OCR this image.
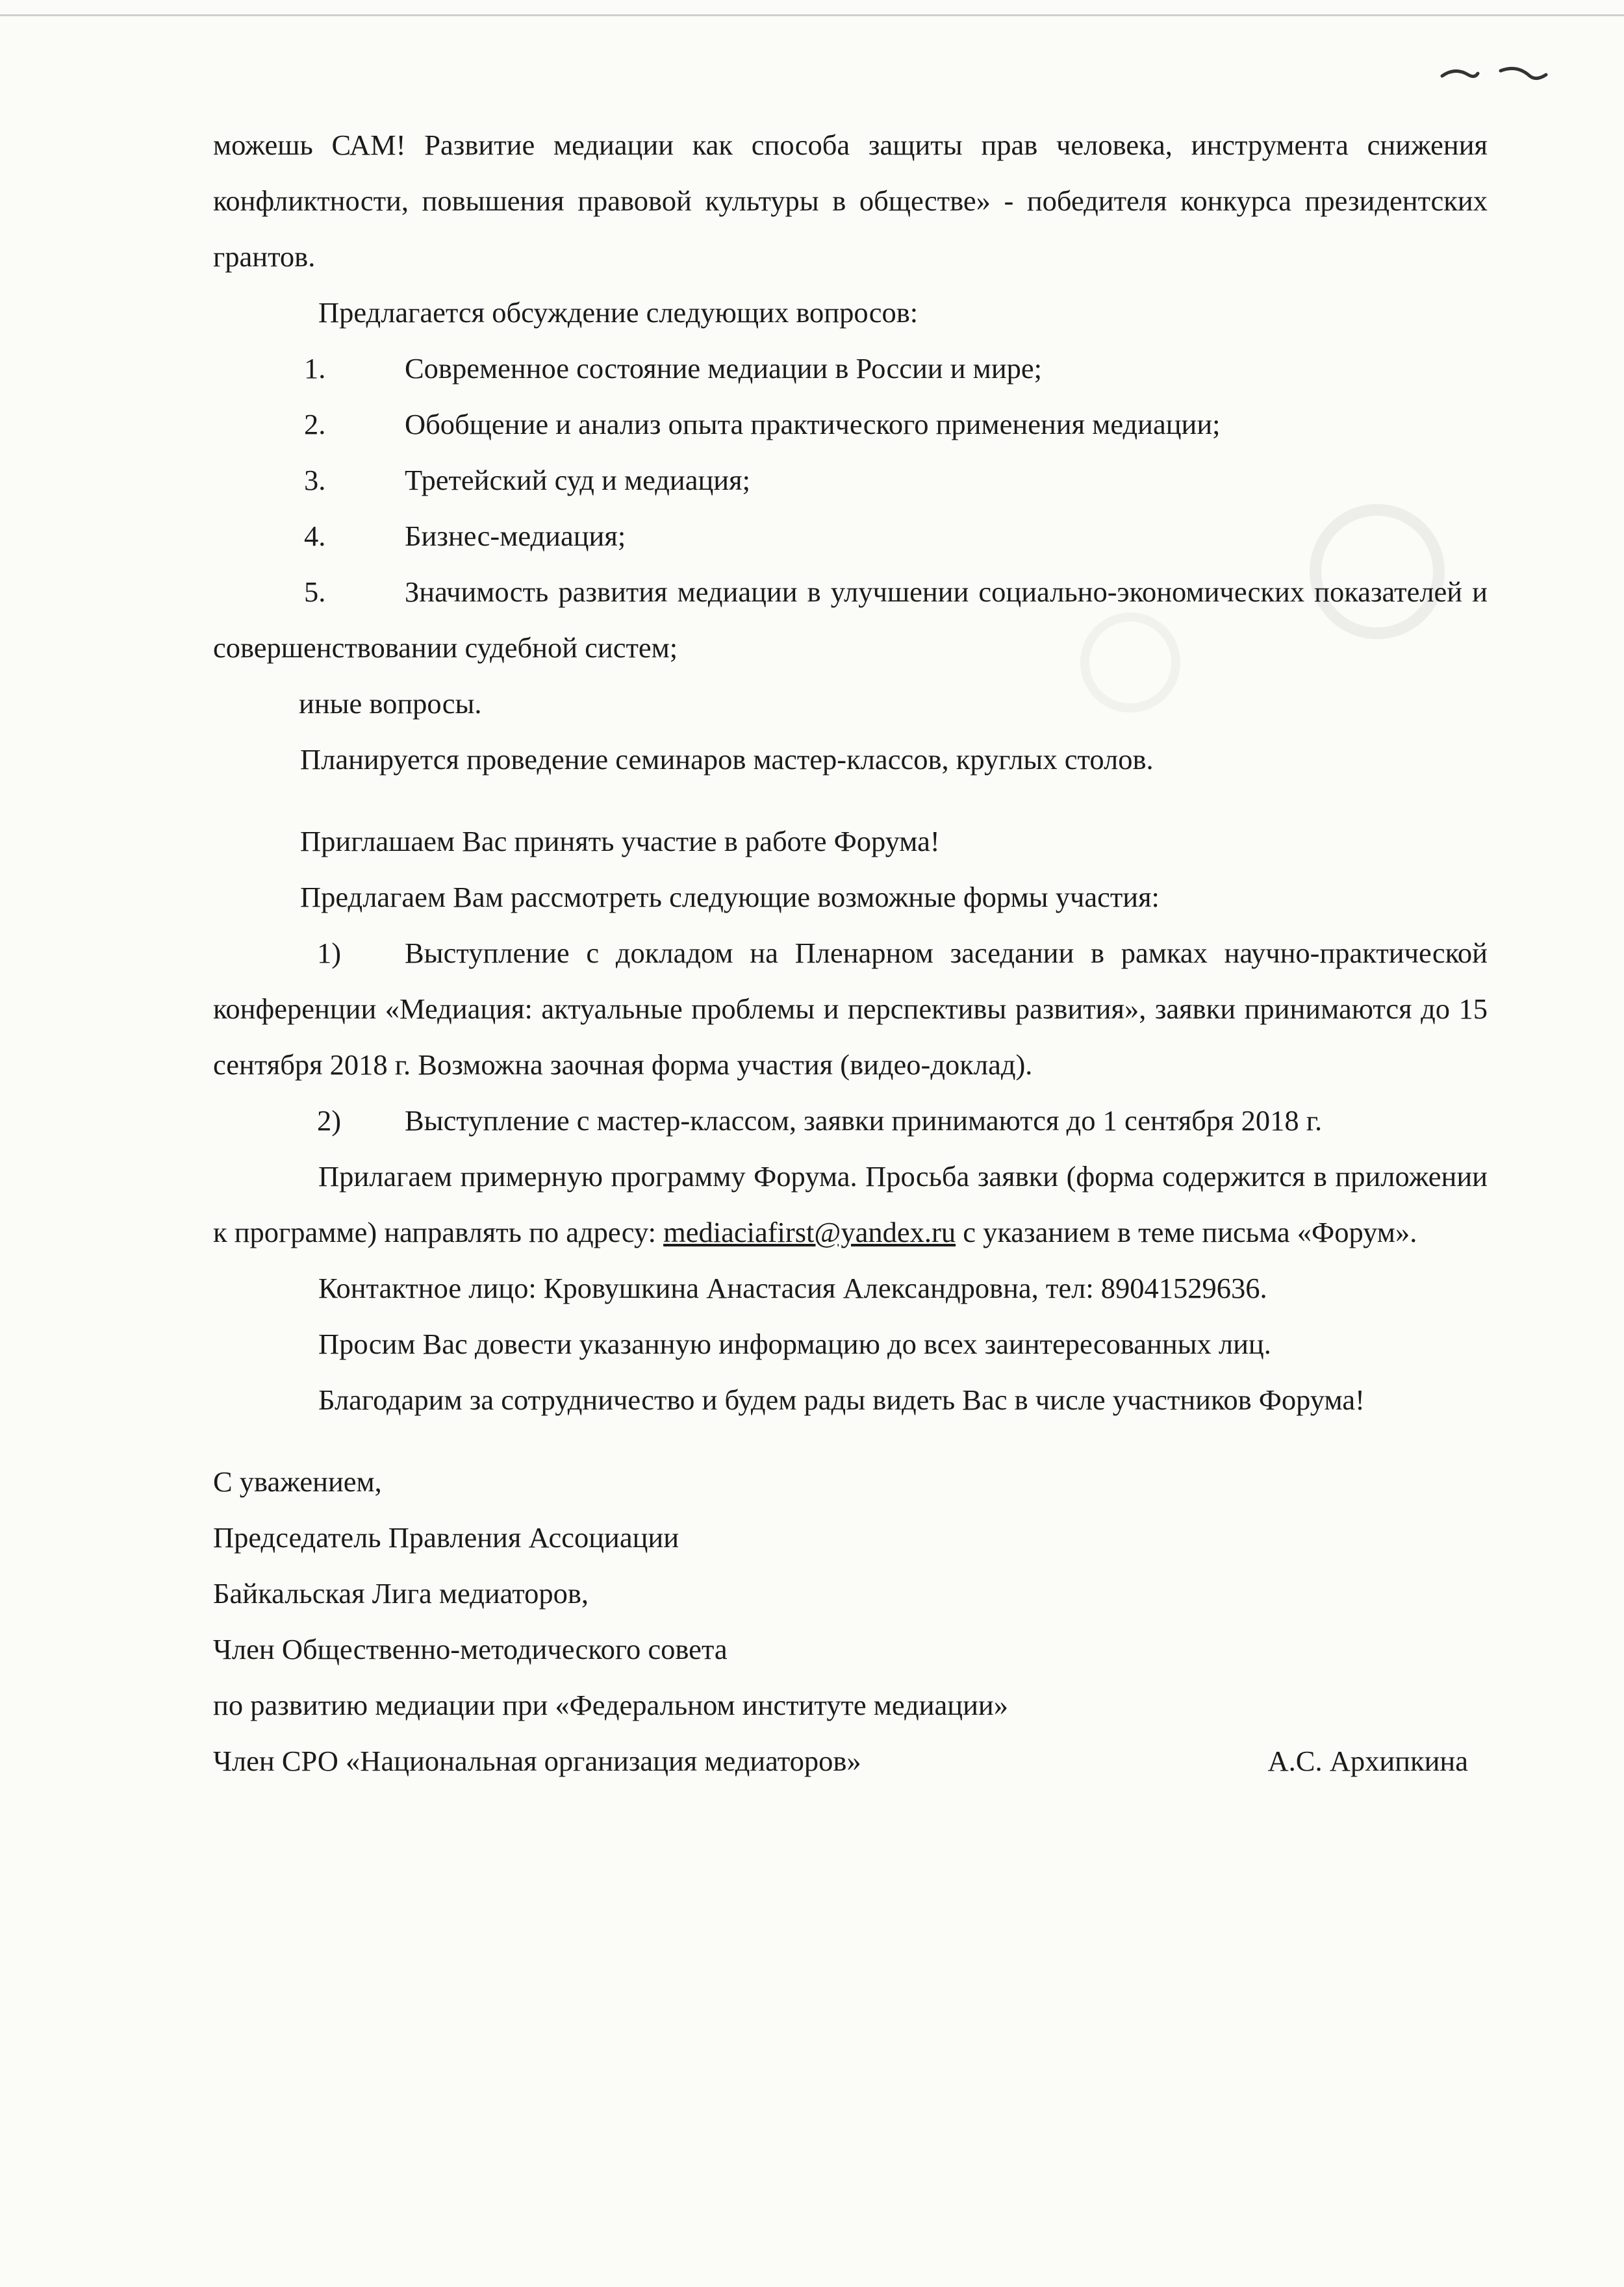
можешь САМ! Развитие медиации как способа защиты прав человека, инструмента снижения конфликтности, повышения правовой культуры в обществе» - победителя конкурса президентских грантов.

Предлагается обсуждение следующих вопросов:

1.	Современное состояние медиации в России и мире;
2.	Обобщение и анализ опыта практического применения медиации;
3.	Третейский суд и медиация;
4.	Бизнес-медиация;

5.	Значимость развития медиации в улучшении социально-экономических показателей и совершенствовании судебной систем;

иные вопросы.

Планируется проведение семинаров мастер-классов, круглых столов.

Приглашаем Вас принять участие в работе Форума!

Предлагаем Вам рассмотреть следующие возможные формы участия:

1) Выступление с докладом на Пленарном заседании в рамках научно-практической конференции «Медиация: актуальные проблемы и перспективы развития», заявки принимаются до 15 сентября 2018 г. Возможна заочная форма участия (видео-доклад).

2) Выступление с мастер-классом, заявки принимаются до 1 сентября 2018 г.

Прилагаем примерную программу Форума. Просьба заявки (форма содержится в приложении к программе) направлять по адресу: mediaciafirst@yandex.ru с указанием в теме письма «Форум».

Контактное лицо: Кровушкина Анастасия Александровна, тел: 89041529636.

Просим Вас довести указанную информацию до всех заинтересованных лиц.

Благодарим за сотрудничество и будем рады видеть Вас в числе участников Форума!

С уважением,

Председатель Правления Ассоциации

Байкальская Лига медиаторов,

Член Общественно-методического совета

по развитию медиации при «Федеральном институте медиации»

Член СРО «Национальная организация медиаторов»	А.С. Архипкина
